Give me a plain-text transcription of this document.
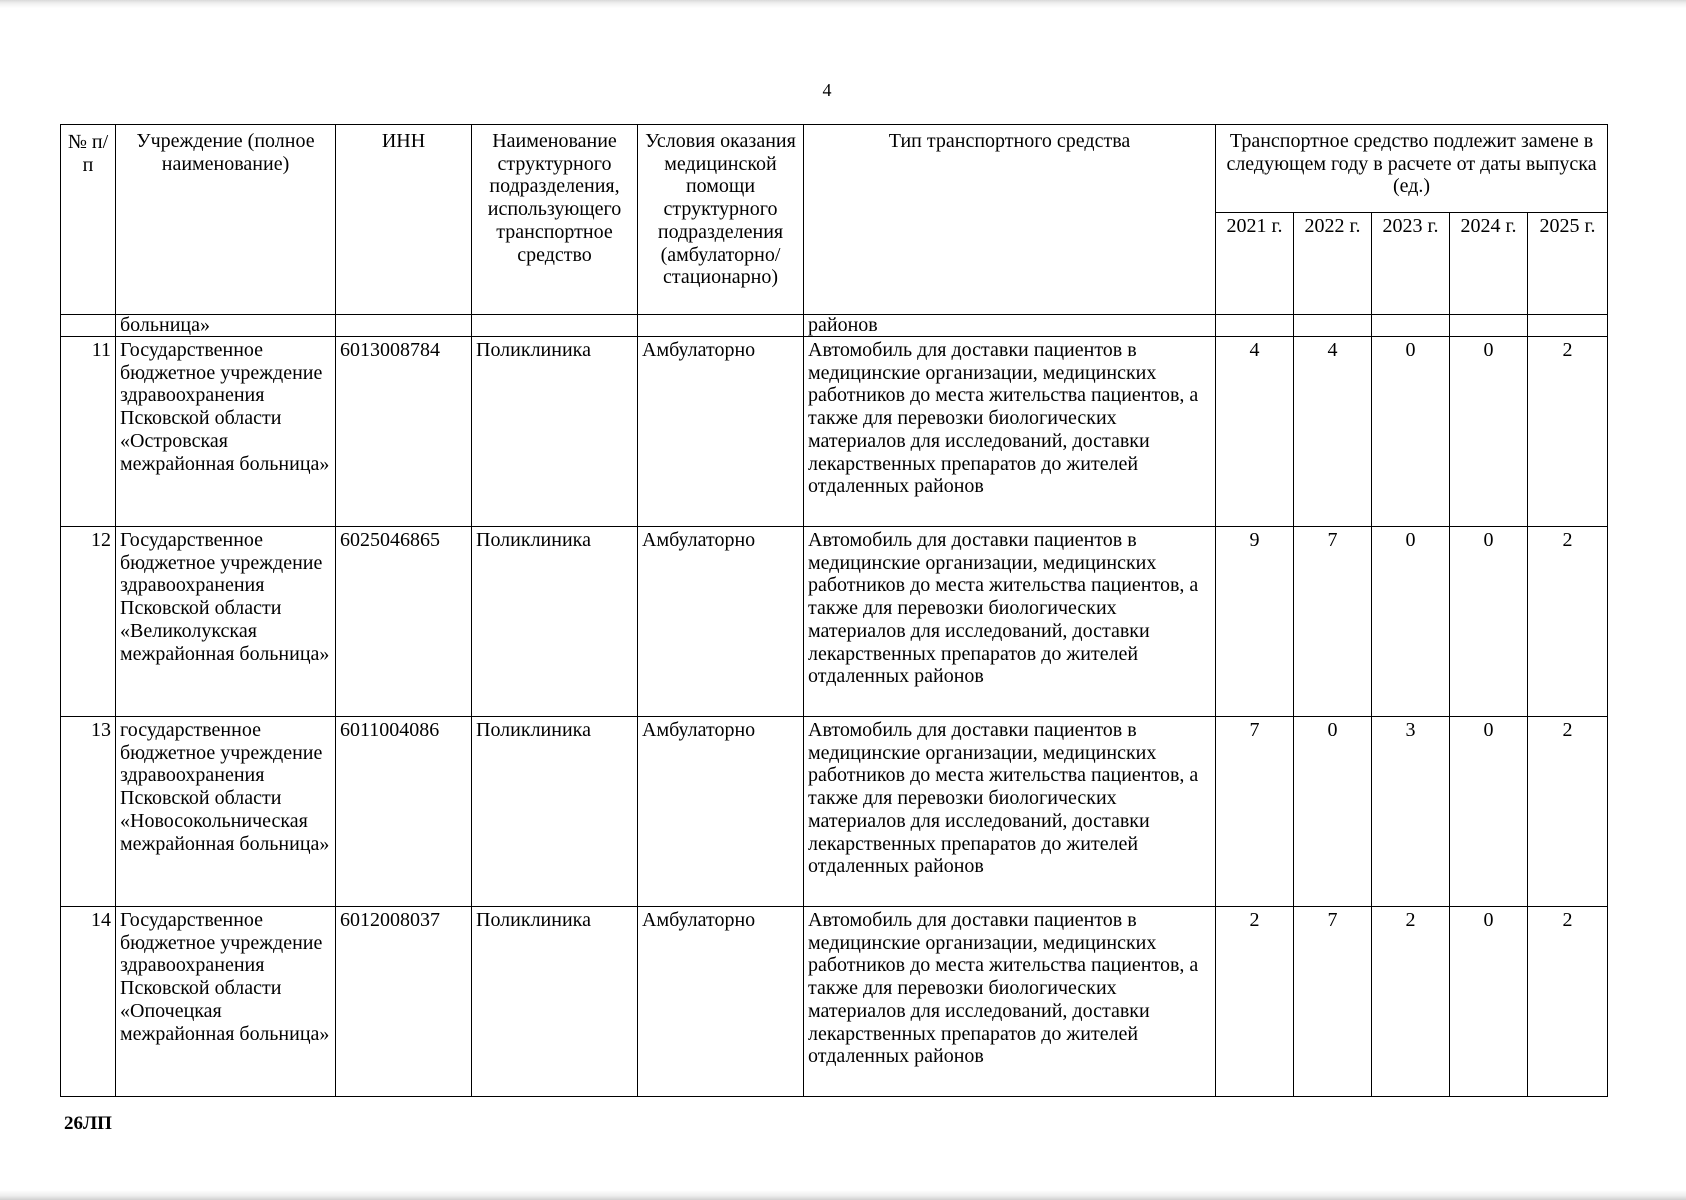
4
№ п/п	Учреждение (полное наименование)	ИНН	Наименование структурного подразделения, использующего транспортное средство	Условия оказания медицинской помощи структурного подразделения (амбулаторно/ стационарно)	Тип транспортного средства	Транспортное средство подлежит замене в следующем году в расчете от даты выпуска (ед.)				
						2021 г.	2022 г.	2023 г.	2024 г.	2025 г.
	больница»				районов					
11	Государственное бюджетное учреждение здравоохранения Псковской области «Островская межрайонная больница»	6013008784	Поликлиника	Амбулаторно	Автомобиль для доставки пациентов в медицинские организации, медицинских работников до места жительства пациентов, а также для перевозки биологических материалов для исследований, доставки лекарственных препаратов до жителей отдаленных районов	4	4	0	0	2
12	Государственное бюджетное учреждение здравоохранения Псковской области «Великолукская межрайонная больница»	6025046865	Поликлиника	Амбулаторно	Автомобиль для доставки пациентов в медицинские организации, медицинских работников до места жительства пациентов, а также для перевозки биологических материалов для исследований, доставки лекарственных препаратов до жителей отдаленных районов	9	7	0	0	2
13	государственное бюджетное учреждение здравоохранения Псковской области «Новосокольническая межрайонная больница»	6011004086	Поликлиника	Амбулаторно	Автомобиль для доставки пациентов в медицинские организации, медицинских работников до места жительства пациентов, а также для перевозки биологических материалов для исследований, доставки лекарственных препаратов до жителей отдаленных районов	7	0	3	0	2
14	Государственное бюджетное учреждение здравоохранения Псковской области «Опочецкая межрайонная больница»	6012008037	Поликлиника	Амбулаторно	Автомобиль для доставки пациентов в медицинские организации, медицинских работников до места жительства пациентов, а также для перевозки биологических материалов для исследований, доставки лекарственных препаратов до жителей отдаленных районов	2	7	2	0	2
26ЛП
